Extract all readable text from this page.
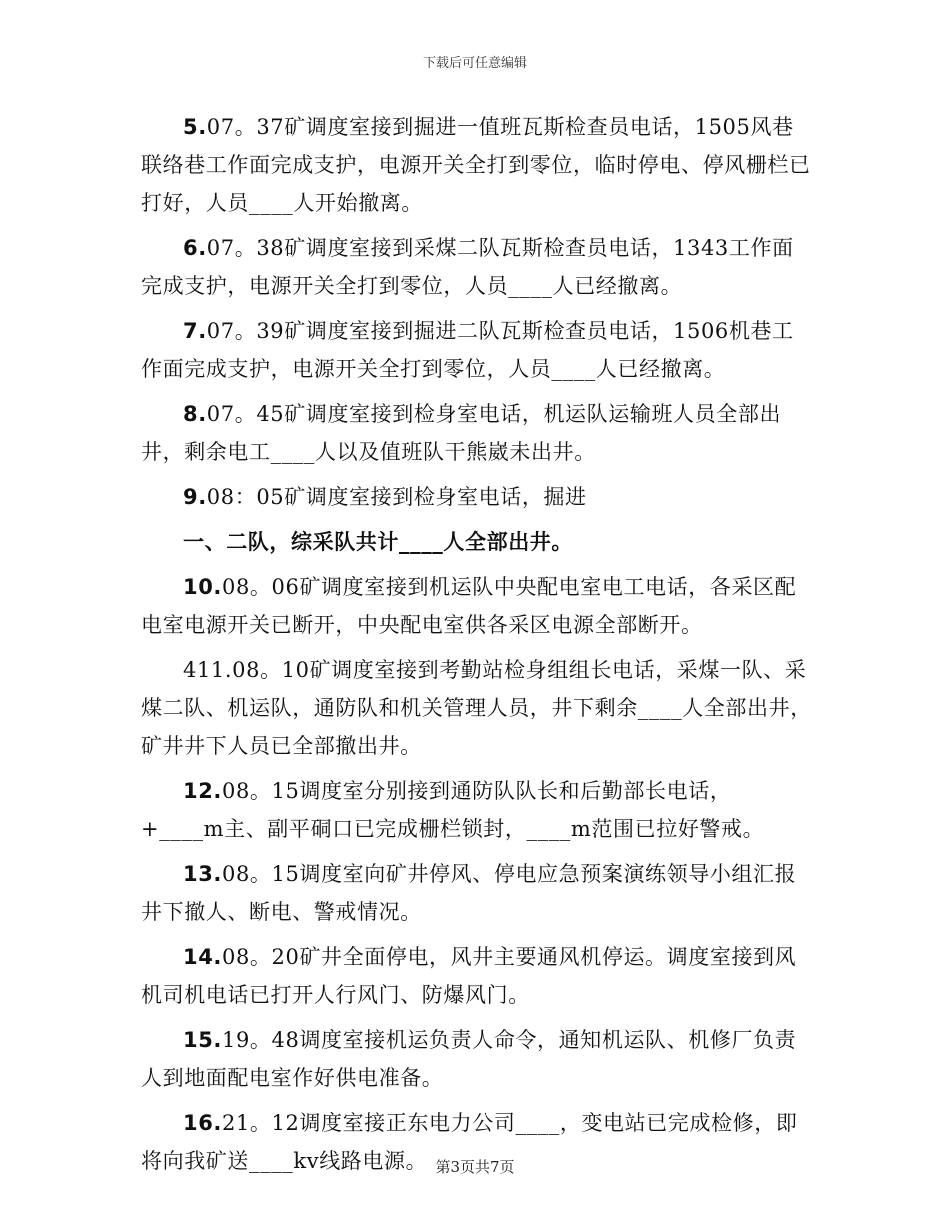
下载后可任意编辑

5.07。37矿调度室接到掘进一值班瓦斯检查员电话，1505风巷联络巷工作面完成支护，电源开关全打到零位，临时停电、停风栅栏已打好，人员____人开始撤离。

6.07。38矿调度室接到采煤二队瓦斯检查员电话，1343工作面完成支护，电源开关全打到零位，人员____人已经撤离。

7.07。39矿调度室接到掘进二队瓦斯检查员电话，1506机巷工作面完成支护，电源开关全打到零位，人员____人已经撤离。

8.07。45矿调度室接到检身室电话，机运队运输班人员全部出井，剩余电工____人以及值班队干熊崴未出井。

9.08：05矿调度室接到检身室电话，掘进

一、二队，综采队共计____人全部出井。

10.08。06矿调度室接到机运队中央配电室电工电话，各采区配电室电源开关已断开，中央配电室供各采区电源全部断开。

411.08。10矿调度室接到考勤站检身组组长电话，采煤一队、采煤二队、机运队，通防队和机关管理人员，井下剩余____人全部出井，矿井井下人员已全部撤出井。

12.08。15调度室分别接到通防队队长和后勤部长电话，+____m主、副平硐口已完成栅栏锁封，____m范围已拉好警戒。

13.08。15调度室向矿井停风、停电应急预案演练领导小组汇报井下撤人、断电、警戒情况。

14.08。20矿井全面停电，风井主要通风机停运。调度室接到风机司机电话已打开人行风门、防爆风门。

15.19。48调度室接机运负责人命令，通知机运队、机修厂负责人到地面配电室作好供电准备。

16.21。12调度室接正东电力公司____，变电站已完成检修，即将向我矿送____kv线路电源。 第3页共7页
